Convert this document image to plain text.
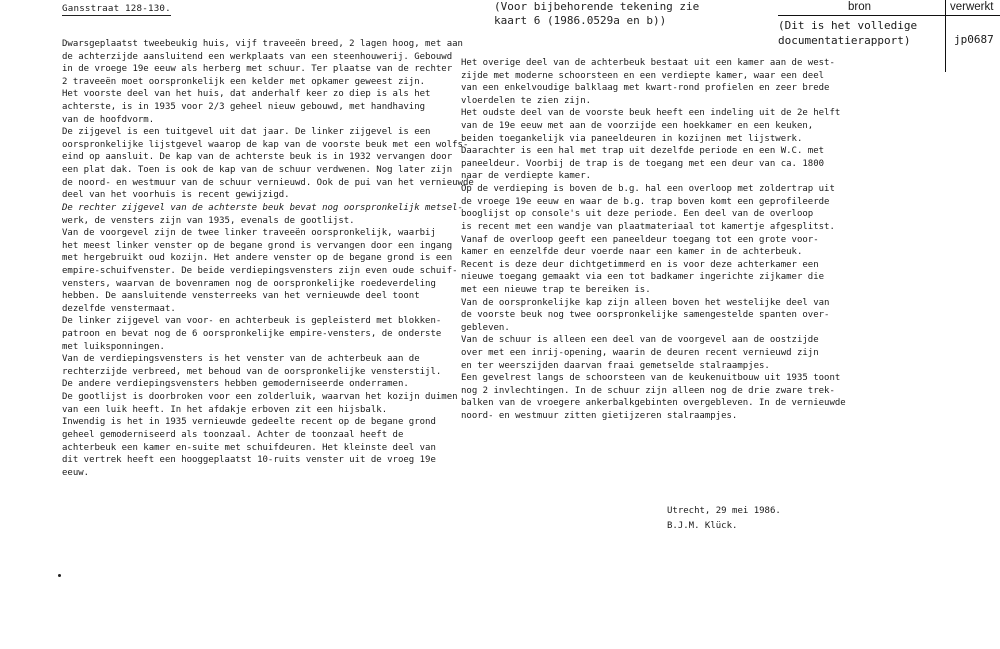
Gansstraat 128-130.	(Voor bijbehorende tekening zie
kaart 6 (1986.0529a en b))
bron	verwerkt
(Dit is het volledige
documentatierapport)	jp0687
Dwarsgeplaatst tweebeukig huis, vijf traveeën breed, 2 lagen hoog, met aan
de achterzijde aansluitend een werkplaats van een steenhouwerij. Gebouwd
in de vroege 19e eeuw als herberg met schuur. Ter plaatse van de rechter
2 traveeën moet oorspronkelijk een kelder met opkamer geweest zijn.
Het voorste deel van het huis, dat anderhalf keer zo diep is als het
achterste, is in 1935 voor 2/3 geheel nieuw gebouwd, met handhaving
van de hoofdvorm.
De zijgevel is een tuitgevel uit dat jaar. De linker zijgevel is een
oorspronkelijke lijstgevel waarop de kap van de voorste beuk met een wolfs-
eind op aansluit. De kap van de achterste beuk is in 1932 vervangen door
een plat dak. Toen is ook de kap van de schuur verdwenen. Nog later zijn
de noord- en westmuur van de schuur vernieuwd. Ook de pui van het vernieuwde
deel van het voorhuis is recent gewijzigd.
De rechter zijgevel van de achterste beuk bevat nog oorspronkelijk metsel-
werk, de vensters zijn van 1935, evenals de gootlijst.
Van de voorgevel zijn de twee linker traveeën oorspronkelijk, waarbij
het meest linker venster op de begane grond is vervangen door een ingang
met hergebruikt oud kozijn. Het andere venster op de begane grond is een
empire-schuifvenster. De beide verdiepingsvensters zijn even oude schuif-
vensters, waarvan de bovenramen nog de oorspronkelijke roedeverdeling
hebben. De aansluitende vensterreeks van het vernieuwde deel toont
dezelfde venstermaat.
De linker zijgevel van voor- en achterbeuk is gepleisterd met blokken-
patroon en bevat nog de 6 oorspronkelijke empire-vensters, de onderste
met luiksponningen.
Van de verdiepingsvensters is het venster van de achterbeuk aan de
rechterzijde verbreed, met behoud van de oorspronkelijke vensterstijl.
De andere verdiepingsvensters hebben gemoderniseerde onderramen.
De gootlijst is doorbroken voor een zolderluik, waarvan het kozijn duimen
van een luik heeft. In het afdakje erboven zit een hijsbalk.
Inwendig is het in 1935 vernieuwde gedeelte recent op de begane grond
geheel gemoderniseerd als toonzaal. Achter de toonzaal heeft de
achterbeuk een kamer en-suite met schuifdeuren. Het kleinste deel van
dit vertrek heeft een hooggeplaatst 10-ruits venster uit de vroeg 19e
eeuw.
Het overige deel van de achterbeuk bestaat uit een kamer aan de west-
zijde met moderne schoorsteen en een verdiepte kamer, waar een deel
van een enkelvoudige balklaag met kwart-rond profielen en zeer brede
vloerdelen te zien zijn.
Het oudste deel van de voorste beuk heeft een indeling uit de 2e helft
van de 19e eeuw met aan de voorzijde een hoekkamer en een keuken,
beiden toegankelijk via paneeldeuren in kozijnen met lijstwerk.
Daarachter is een hal met trap uit dezelfde periode en een W.C. met
paneeldeur. Voorbij de trap is de toegang met een deur van ca. 1800
naar de verdiepte kamer.
Op de verdieping is boven de b.g. hal een overloop met zoldertrap uit
de vroege 19e eeuw en waar de b.g. trap boven komt een geprofileerde
booglijst op console's uit deze periode. Een deel van de overloop
is recent met een wandje van plaatmateriaal tot kamertje afgesplitst.
Vanaf de overloop geeft een paneeldeur toegang tot een grote voor-
kamer en eenzelfde deur voerde naar een kamer in de achterbeuk.
Recent is deze deur dichtgetimmerd en is voor deze achterkamer een
nieuwe toegang gemaakt via een tot badkamer ingerichte zijkamer die
met een nieuwe trap te bereiken is.
Van de oorspronkelijke kap zijn alleen boven het westelijke deel van
de voorste beuk nog twee oorspronkelijke samengestelde spanten over-
gebleven.
Van de schuur is alleen een deel van de voorgevel aan de oostzijde
over met een inrij-opening, waarin de deuren recent vernieuwd zijn
en ter weerszijden daarvan fraai gemetselde stalraampjes.
Een gevelrest langs de schoorsteen van de keukenuitbouw uit 1935 toont
nog 2 invlechtingen. In de schuur zijn alleen nog de drie zware trek-
balken van de vroegere ankerbalkgebinten overgebleven. In de vernieuwde
noord- en westmuur zitten gietijzeren stalraampjes.
Utrecht, 29 mei 1986.
B.J.M. Klück.
